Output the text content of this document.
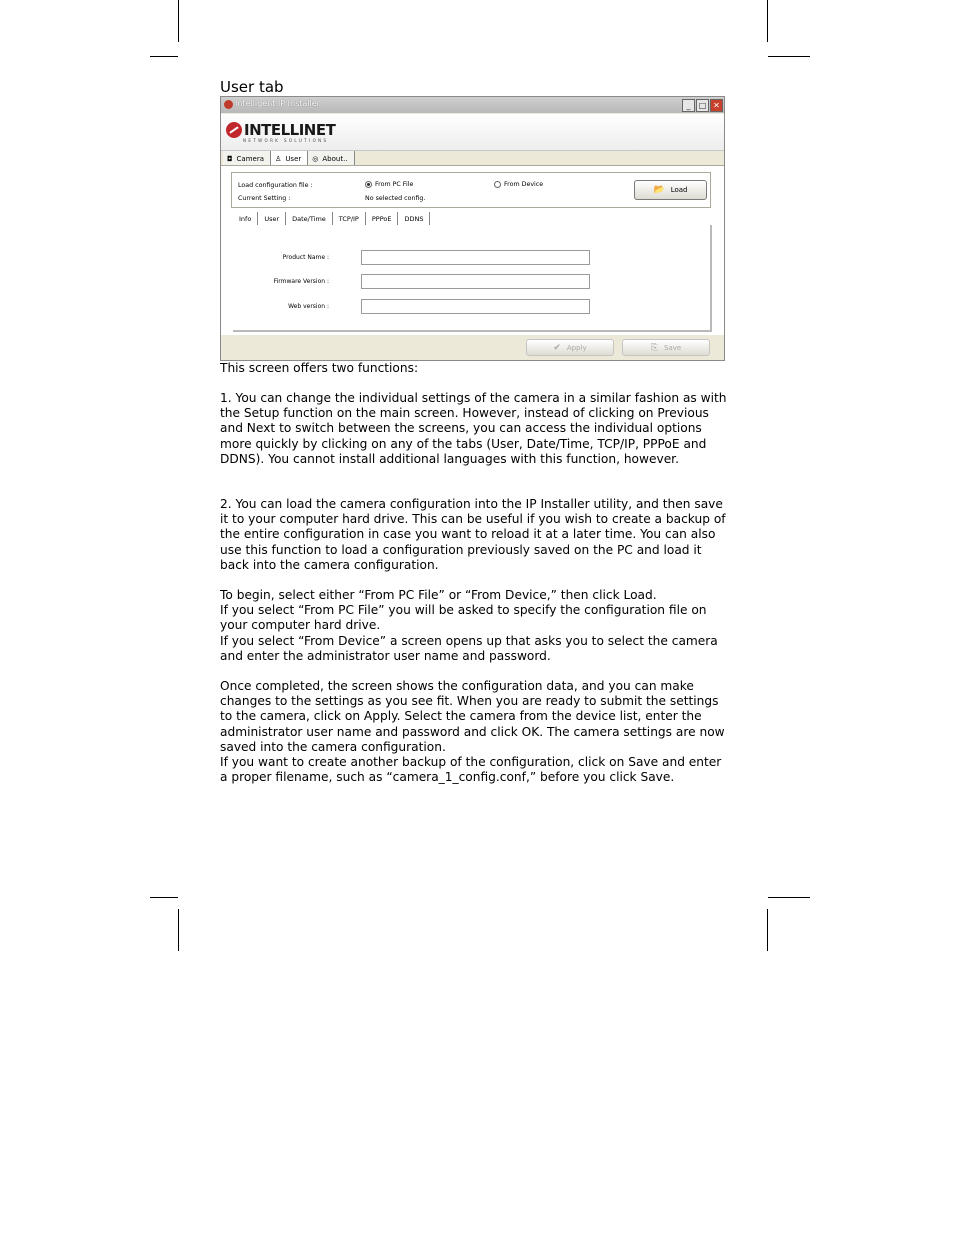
User tab
Intelligent IP Installer	_	□ ✕
INTELLINET
NETWORK SOLUTIONS
◘ Camera ♙ User ◎ About..
Load configuration file :	From PC File	From Device
Current Setting :	No selected config.
📂 Load
Info	User	Date/Time	TCP/IP	PPPoE	DDNS
Product Name :
Firmware Version :
Web version :
✔ Apply	⎘ Save

This screen offers two functions:

1. You can change the individual settings of the camera in a similar fashion as with the Setup function on the main screen. However, instead of clicking on Previous and Next to switch between the screens, you can access the individual options more quickly by clicking on any of the tabs (User, Date/Time, TCP/IP, PPPoE and DDNS). You cannot install additional languages with this function, however.

2. You can load the camera configuration into the IP Installer utility, and then save it to your computer hard drive. This can be useful if you wish to create a backup of the entire configuration in case you want to reload it at a later time. You can also use this function to load a configuration previously saved on the PC and load it back into the camera configuration.

To begin, select either “From PC File” or “From Device,” then click Load.

If you select “From PC File” you will be asked to specify the configuration file on your computer hard drive.

If you select “From Device” a screen opens up that asks you to select the camera and enter the administrator user name and password.

Once completed, the screen shows the configuration data, and you can make changes to the settings as you see fit. When you are ready to submit the settings to the camera, click on Apply. Select the camera from the device list, enter the administrator user name and password and click OK. The camera settings are now saved into the camera configuration.

If you want to create another backup of the configuration, click on Save and enter a proper filename, such as “camera_1_config.conf,” before you click Save.
